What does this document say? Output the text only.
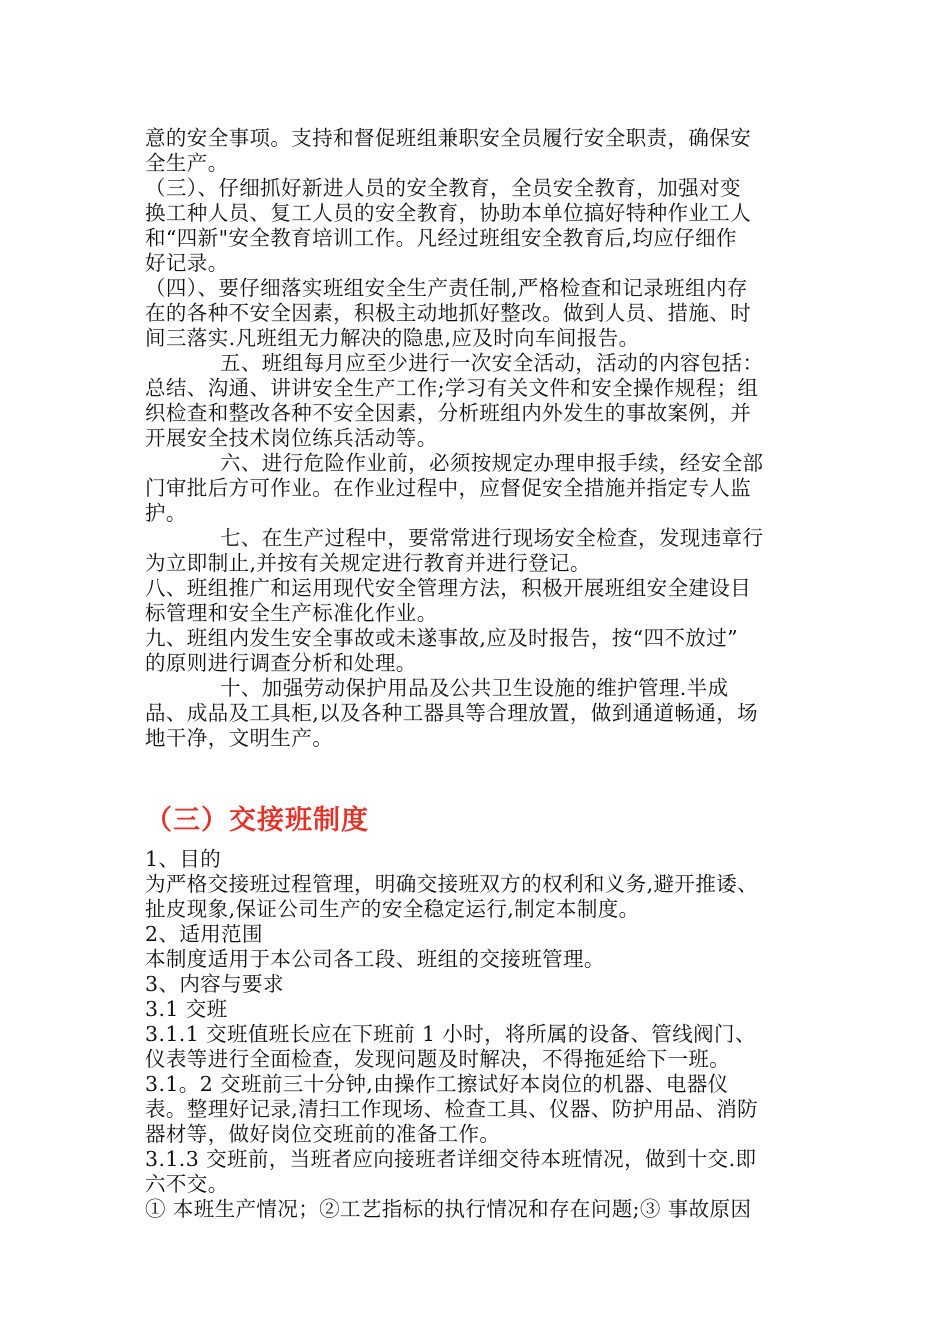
意的安全事项。支持和督促班组兼职安全员履行安全职责，确保安
全生产。
（三）、仔细抓好新进人员的安全教育，全员安全教育，加强对变
换工种人员、复工人员的安全教育，协助本单位搞好特种作业工人
和“四新"安全教育培训工作。凡经过班组安全教育后,均应仔细作
好记录。
（四）、要仔细落实班组安全生产责任制,严格检查和记录班组内存
在的各种不安全因素，积极主动地抓好整改。做到人员、措施、时
间三落实.凡班组无力解决的隐患,应及时向车间报告。
五、班组每月应至少进行一次安全活动，活动的内容包括：
总结、沟通、讲讲安全生产工作;学习有关文件和安全操作规程；组
织检查和整改各种不安全因素，分析班组内外发生的事故案例，并
开展安全技术岗位练兵活动等。
六、进行危险作业前，必须按规定办理申报手续，经安全部
门审批后方可作业。在作业过程中，应督促安全措施并指定专人监
护。
七、在生产过程中，要常常进行现场安全检查，发现违章行
为立即制止,并按有关规定进行教育并进行登记。
八、班组推广和运用现代安全管理方法，积极开展班组安全建设目
标管理和安全生产标准化作业。
九、班组内发生安全事故或未遂事故,应及时报告，按“四不放过”
的原则进行调查分析和处理。
十、加强劳动保护用品及公共卫生设施的维护管理.半成
品、成品及工具柜,以及各种工器具等合理放置，做到通道畅通，场
地干净，文明生产。
（三）交接班制度
1、目的
为严格交接班过程管理，明确交接班双方的权利和义务,避开推诿、
扯皮现象,保证公司生产的安全稳定运行,制定本制度。
2、适用范围
本制度适用于本公司各工段、班组的交接班管理。
3、内容与要求
3.1 交班
3.1.1 交班值班长应在下班前 1 小时，将所属的设备、管线阀门、
仪表等进行全面检查，发现问题及时解决，不得拖延给下一班。
3.1。2 交班前三十分钟,由操作工擦试好本岗位的机器、电器仪
表。整理好记录,清扫工作现场、检查工具、仪器、防护用品、消防
器材等，做好岗位交班前的准备工作。
3.1.3 交班前，当班者应向接班者详细交待本班情况，做到十交.即
六不交。
① 本班生产情况；②工艺指标的执行情况和存在问题;③ 事故原因
